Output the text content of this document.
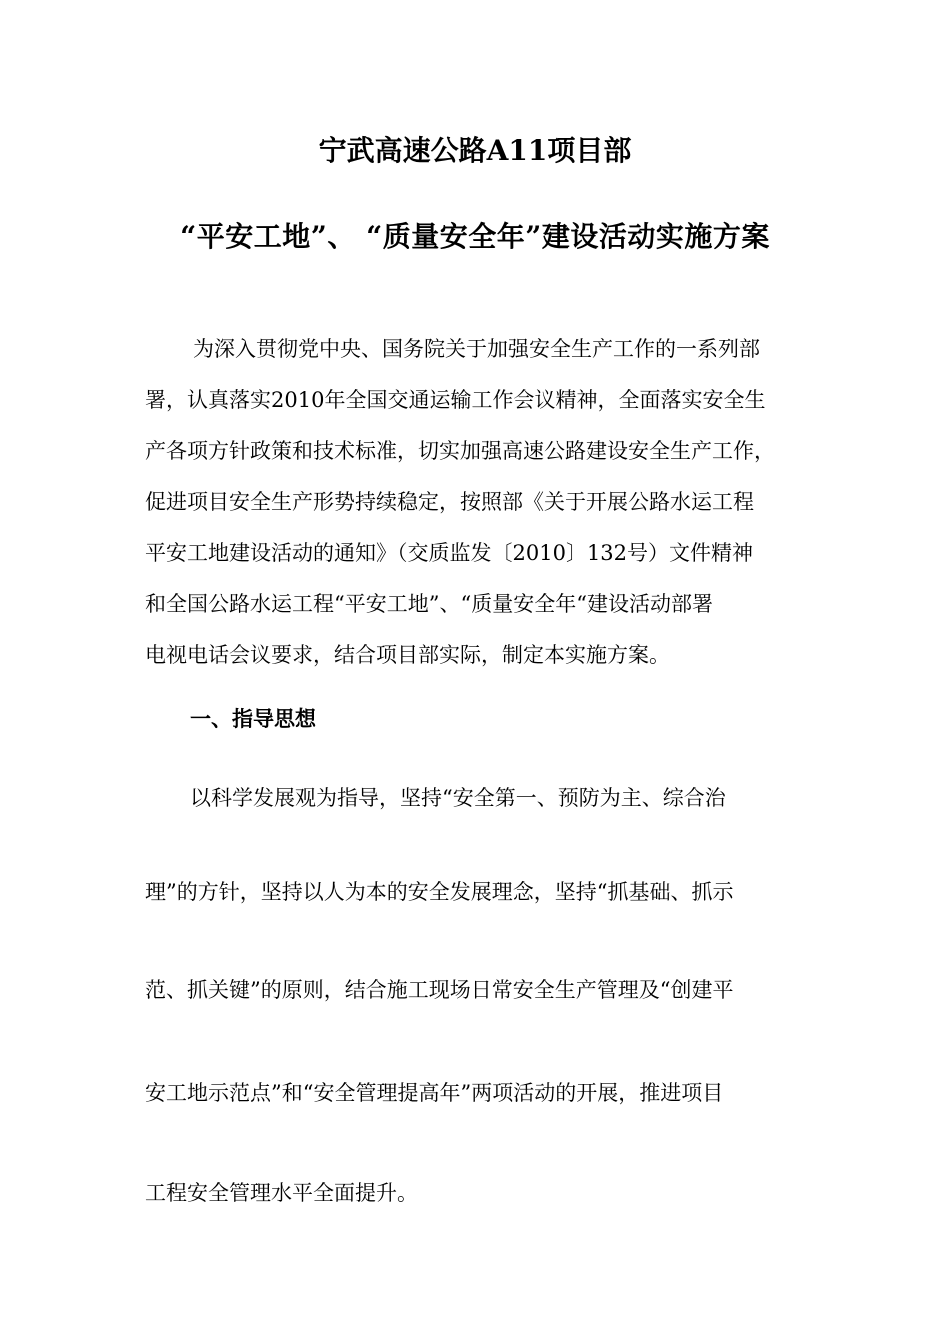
宁武高速公路A11项目部
“平安工地”、 “质量安全年”建设活动实施方案
为深入贯彻党中央、国务院关于加强安全生产工作的一系列部
署，认真落实2010年全国交通运输工作会议精神，全面落实安全生
产各项方针政策和技术标准，切实加强高速公路建设安全生产工作，
促进项目安全生产形势持续稳定，按照部《关于开展公路水运工程
平安工地建设活动的通知》（交质监发〔2010〕132号）文件精神
和全国公路水运工程“平安工地”、“质量安全年“建设活动部署
电视电话会议要求，结合项目部实际，制定本实施方案。
一、指导思想
以科学发展观为指导，坚持“安全第一、预防为主、综合治
理”的方针，坚持以人为本的安全发展理念，坚持“抓基础、抓示
范、抓关键”的原则，结合施工现场日常安全生产管理及“创建平
安工地示范点”和“安全管理提高年”两项活动的开展，推进项目
工程安全管理水平全面提升。
